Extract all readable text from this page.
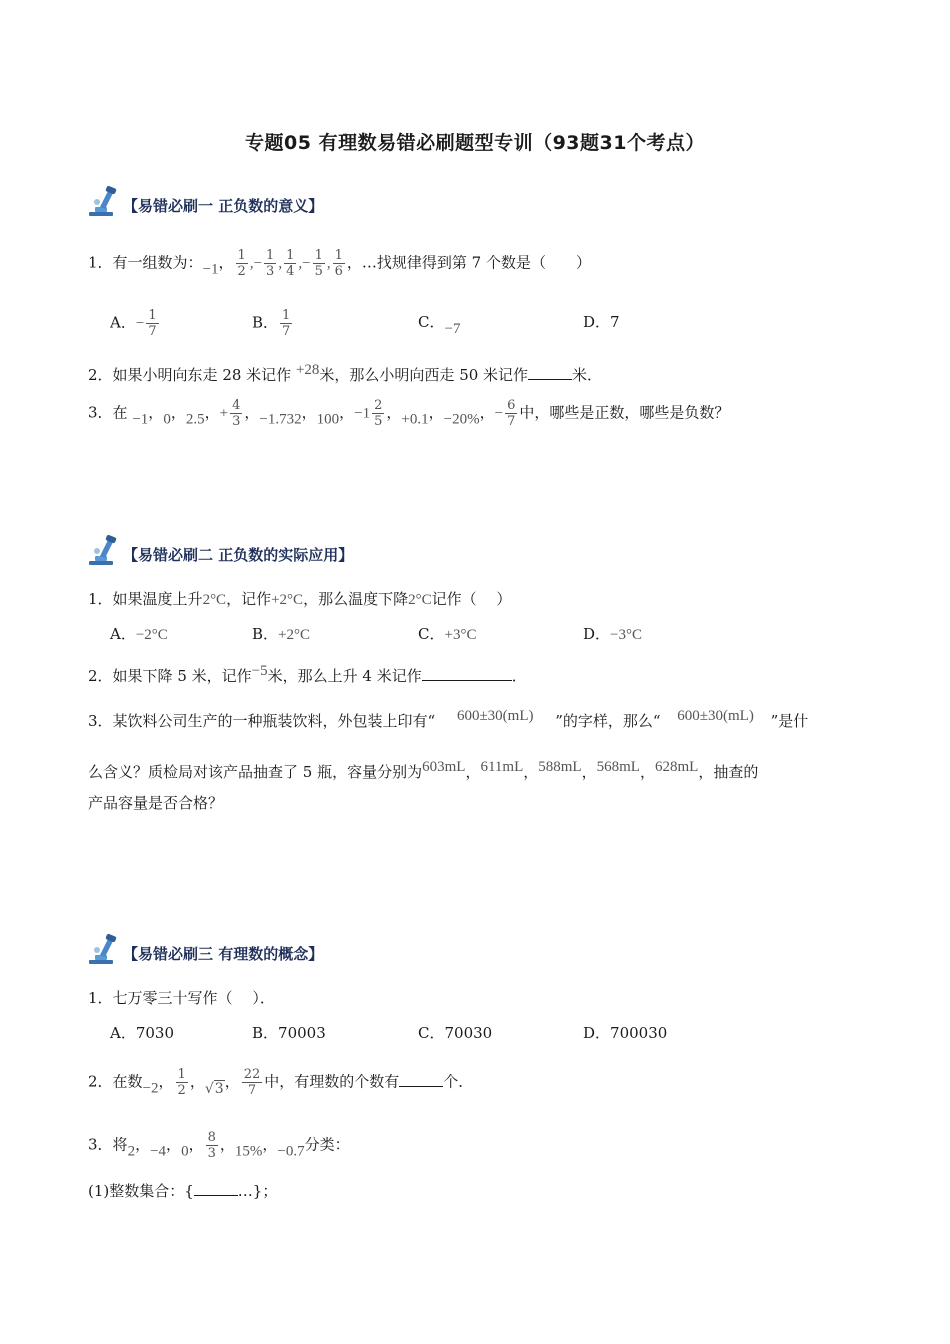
专题05 有理数易错必刷题型专训（93题31个考点）
【易错必刷一 正负数的意义】
1．有一组数为：−1， $\frac{1}{2}$ ,− $\frac{1}{3}$ , $\frac{1}{4}$ ,− $\frac{1}{5}$ , $\frac{1}{6}$ ，…找规律得到第 7 个数是（　　）
A．− $\frac{1}{7}$	B． $\frac{1}{7}$	C．−7	D．7
2．如果小明向东走 28 米记作 +28米，那么小明向西走 50 米记作	米．
3．在 −1，0，2.5，+ $\frac{4}{3}$ ，−1.732，100，$-1 \frac{2}{5}$ ，+0.1，−20%，− $\frac{6}{7}$ 中，哪些是正数，哪些是负数？
【易错必刷二 正负数的实际应用】
1．如果温度上升2°C，记作+2°C，那么温度下降2°C记作（　 ）
A．−2°C	B．+2°C	C．+3°C	D．−3°C
2．如果下降 5 米，记作−5米，那么上升 4 米记作	．
3．某饮料公司生产的一种瓶装饮料，外包装上印有“ 600±30(mL) ”的字样，那么“ 600±30(mL) ”是什
么含义？质检局对该产品抽查了 5 瓶，容量分别为603mL，611mL，588mL，568mL，628mL，抽查的
产品容量是否合格？
【易错必刷三 有理数的概念】
1．七万零三十写作（　 ）．
A．7030	B．70003	C．70030	D．700030
2．在数−2， $\frac{1}{2}$ ，√3， $\frac{22}{7}$ 中，有理数的个数有	个．
3．将2，−4，0， $\frac{8}{3}$ ，15%，−0.7分类：
(1)整数集合：{	…}；
